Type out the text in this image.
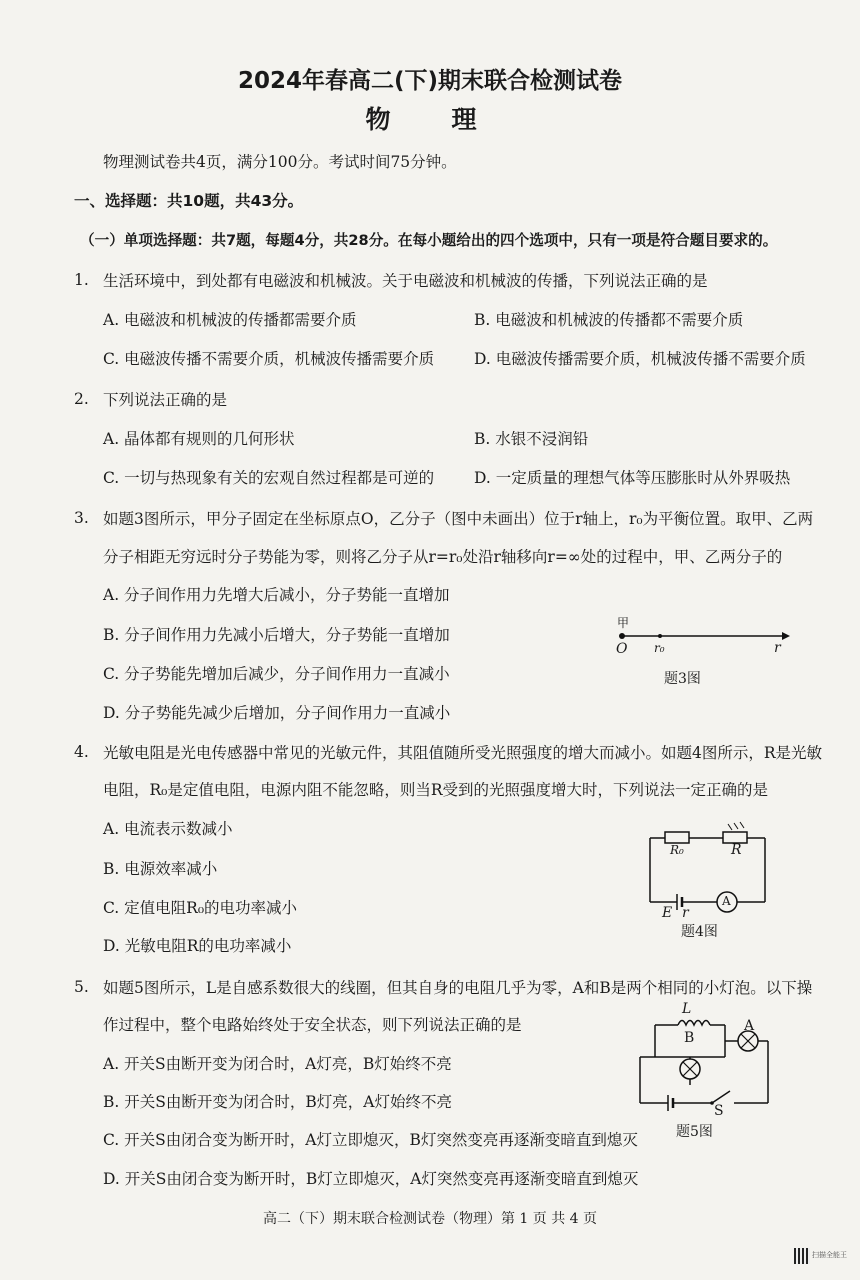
2024年春高二(下)期末联合检测试卷
物　理
物理测试卷共4页，满分100分。考试时间75分钟。
一、选择题：共10题，共43分。
（一）单项选择题：共7题，每题4分，共28分。在每小题给出的四个选项中，只有一项是符合题目要求的。
1. 生活环境中，到处都有电磁波和机械波。关于电磁波和机械波的传播，下列说法正确的是
A. 电磁波和机械波的传播都需要介质	B. 电磁波和机械波的传播都不需要介质
C. 电磁波传播不需要介质，机械波传播需要介质	D. 电磁波传播需要介质，机械波传播不需要介质
2. 下列说法正确的是
A. 晶体都有规则的几何形状	B. 水银不浸润铅
C. 一切与热现象有关的宏观自然过程都是可逆的	D. 一定质量的理想气体等压膨胀时从外界吸热
3. 如题3图所示，甲分子固定在坐标原点O，乙分子（图中未画出）位于r轴上，r₀为平衡位置。取甲、乙两
分子相距无穷远时分子势能为零，则将乙分子从r=r₀处沿r轴移向r=∞处的过程中，甲、乙两分子的
A. 分子间作用力先增大后减小，分子势能一直增加
B. 分子间作用力先减小后增大，分子势能一直增加
C. 分子势能先增加后减少，分子间作用力一直减小
D. 分子势能先减少后增加，分子间作用力一直减小
甲
O r₀	r
题3图
4. 光敏电阻是光电传感器中常见的光敏元件，其阻值随所受光照强度的增大而减小。如题4图所示，R是光敏
电阻，R₀是定值电阻，电源内阻不能忽略，则当R受到的光照强度增大时，下列说法一定正确的是
A. 电流表示数减小
B. 电源效率减小
C. 定值电阻R₀的电功率减小
D. 光敏电阻R的电功率减小
R₀	R
E r
A
题4图
5. 如题5图所示，L是自感系数很大的线圈，但其自身的电阻几乎为零，A和B是两个相同的小灯泡。以下操
作过程中，整个电路始终处于安全状态，则下列说法正确的是
A. 开关S由断开变为闭合时，A灯亮，B灯始终不亮
B. 开关S由断开变为闭合时，B灯亮，A灯始终不亮
C. 开关S由闭合变为断开时，A灯立即熄灭，B灯突然变亮再逐渐变暗直到熄灭
D. 开关S由闭合变为断开时，B灯立即熄灭，A灯突然变亮再逐渐变暗直到熄灭
L
A
B
S
题5图
高二（下）期末联合检测试卷（物理）第 1 页 共 4 页
扫描全能王
